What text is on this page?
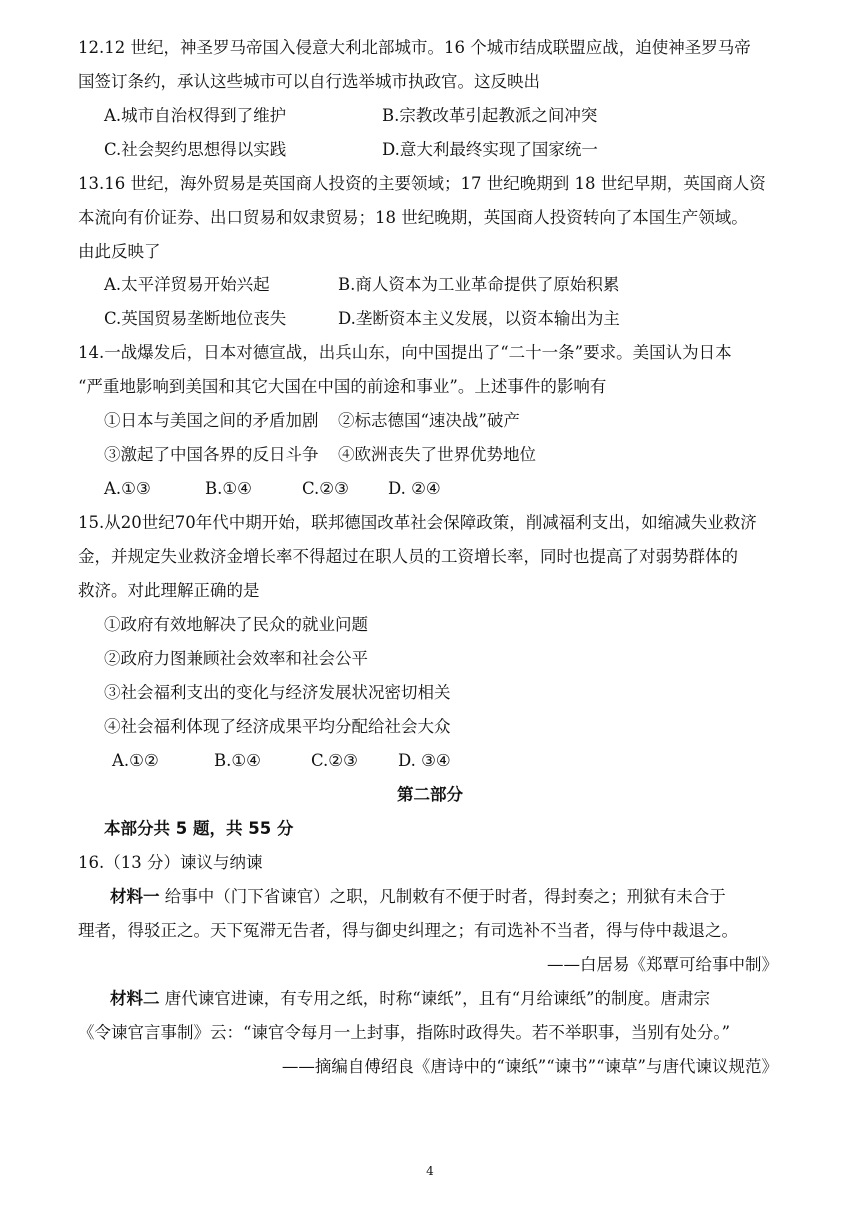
12.12 世纪，神圣罗马帝国入侵意大利北部城市。16 个城市结成联盟应战，迫使神圣罗马帝
国签订条约，承认这些城市可以自行选举城市执政官。这反映出
A.城市自治权得到了维护	B.宗教改革引起教派之间冲突
C.社会契约思想得以实践	D.意大利最终实现了国家统一
13.16 世纪，海外贸易是英国商人投资的主要领域；17 世纪晚期到 18 世纪早期，英国商人资
本流向有价证券、出口贸易和奴隶贸易；18 世纪晚期，英国商人投资转向了本国生产领域。
由此反映了
A.太平洋贸易开始兴起	B.商人资本为工业革命提供了原始积累
C.英国贸易垄断地位丧失	D.垄断资本主义发展，以资本输出为主
14.一战爆发后，日本对德宣战，出兵山东，向中国提出了“二十一条”要求。美国认为日本
“严重地影响到美国和其它大国在中国的前途和事业”。上述事件的影响有
①日本与美国之间的矛盾加剧 ②标志德国“速决战”破产
③激起了中国各界的反日斗争 ④欧洲丧失了世界优势地位
A.①③	B.①④	C.②③ D. ②④
15.从20世纪70年代中期开始，联邦德国改革社会保障政策，削减福利支出，如缩减失业救济
金，并规定失业救济金增长率不得超过在职人员的工资增长率，同时也提高了对弱势群体的
救济。对此理解正确的是
①政府有效地解决了民众的就业问题
②政府力图兼顾社会效率和社会公平
③社会福利支出的变化与经济发展状况密切相关
④社会福利体现了经济成果平均分配给社会大众
A.①②	B.①④	C.②③ D. ③④
第二部分
本部分共 5 题，共 55 分
16.（13 分）谏议与纳谏
材料一 给事中（门下省谏官）之职，凡制敕有不便于时者，得封奏之；刑狱有未合于
理者，得驳正之。天下冤滞无告者，得与御史纠理之；有司选补不当者，得与侍中裁退之。
——白居易《郑覃可给事中制》
材料二 唐代谏官进谏，有专用之纸，时称“谏纸”，且有“月给谏纸”的制度。唐肃宗
《令谏官言事制》云：“谏官令每月一上封事，指陈时政得失。若不举职事，当别有处分。”
——摘编自傅绍良《唐诗中的“谏纸”“谏书”“谏草”与唐代谏议规范》
4
